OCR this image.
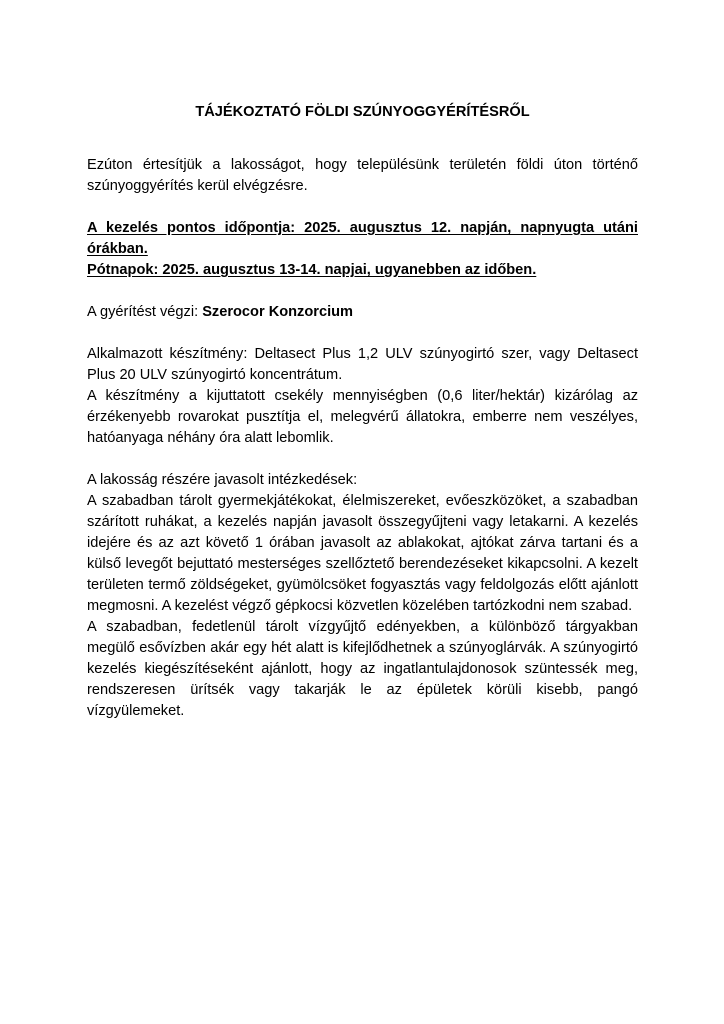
TÁJÉKOZTATÓ FÖLDI SZÚNYOGGYÉRÍTÉSRŐL

Ezúton értesítjük a lakosságot, hogy településünk területén földi úton történő szúnyoggyérítés kerül elvégzésre.

A kezelés pontos időpontja: 2025. augusztus 12. napján, napnyugta utáni órákban.

Pótnapok: 2025. augusztus 13-14. napjai, ugyanebben az időben.

A gyérítést végzi: Szerocor Konzorcium

Alkalmazott készítmény: Deltasect Plus 1,2 ULV szúnyogirtó szer, vagy Deltasect Plus 20 ULV szúnyogirtó koncentrátum.

A készítmény a kijuttatott csekély mennyiségben (0,6 liter/hektár) kizárólag az érzékenyebb rovarokat pusztítja el, melegvérű állatokra, emberre nem veszélyes, hatóanyaga néhány óra alatt lebomlik.

A lakosság részére javasolt intézkedések:

A szabadban tárolt gyermekjátékokat, élelmiszereket, evőeszközöket, a szabadban szárított ruhákat, a kezelés napján javasolt összegyűjteni vagy letakarni. A kezelés idejére és az azt követő 1 órában javasolt az ablakokat, ajtókat zárva tartani és a külső levegőt bejuttató mesterséges szellőztető berendezéseket kikapcsolni. A kezelt területen termő zöldségeket, gyümölcsöket fogyasztás vagy feldolgozás előtt ajánlott megmosni. A kezelést végző gépkocsi közvetlen közelében tartózkodni nem szabad.

A szabadban, fedetlenül tárolt vízgyűjtő edényekben, a különböző tárgyakban megülő esővízben akár egy hét alatt is kifejlődhetnek a szúnyoglárvák. A szúnyogirtó kezelés kiegészítéseként ajánlott, hogy az ingatlantulajdonosok szüntessék meg, rendszeresen ürítsék vagy takarják le az épületek körüli kisebb, pangó vízgyülemeket.
